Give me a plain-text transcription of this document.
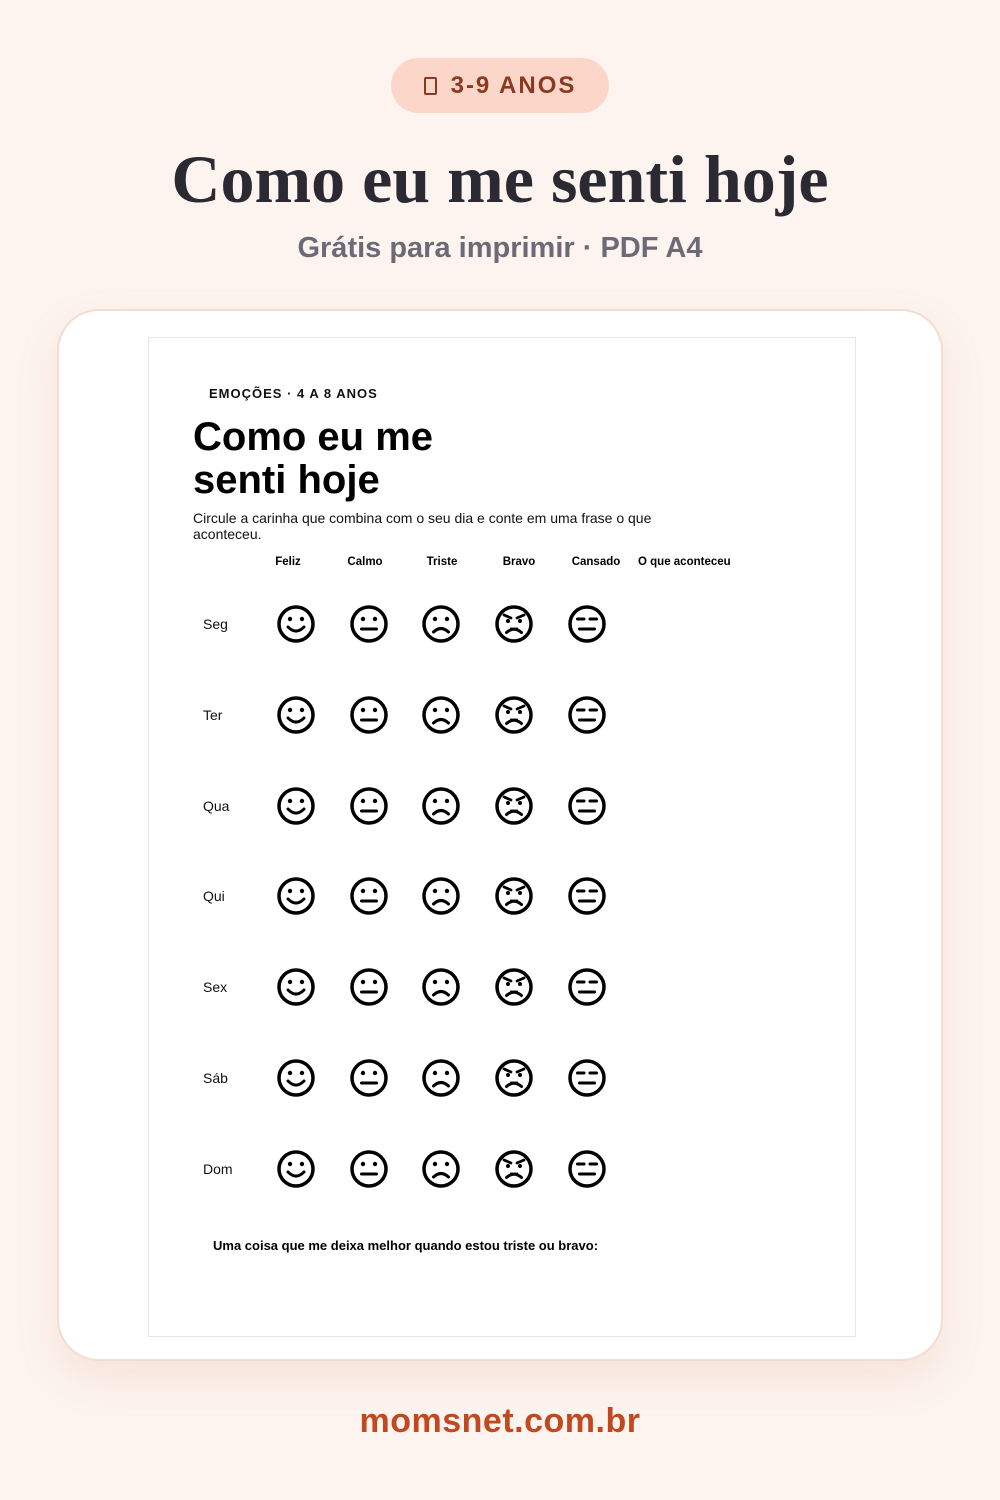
3-9 ANOS
Como eu me senti hoje
Grátis para imprimir · PDF A4
EMOÇÕES · 4 A 8 ANOS
Como eu me
senti hoje
Circule a carinha que combina com o seu dia e conte em uma frase o que aconteceu.
Feliz	Calmo	Triste	Bravo	Cansado	O que aconteceu
Seg
Ter
Qua
Qui
Sex
Sáb
Dom
Uma coisa que me deixa melhor quando estou triste ou bravo:
momsnet.com.br
